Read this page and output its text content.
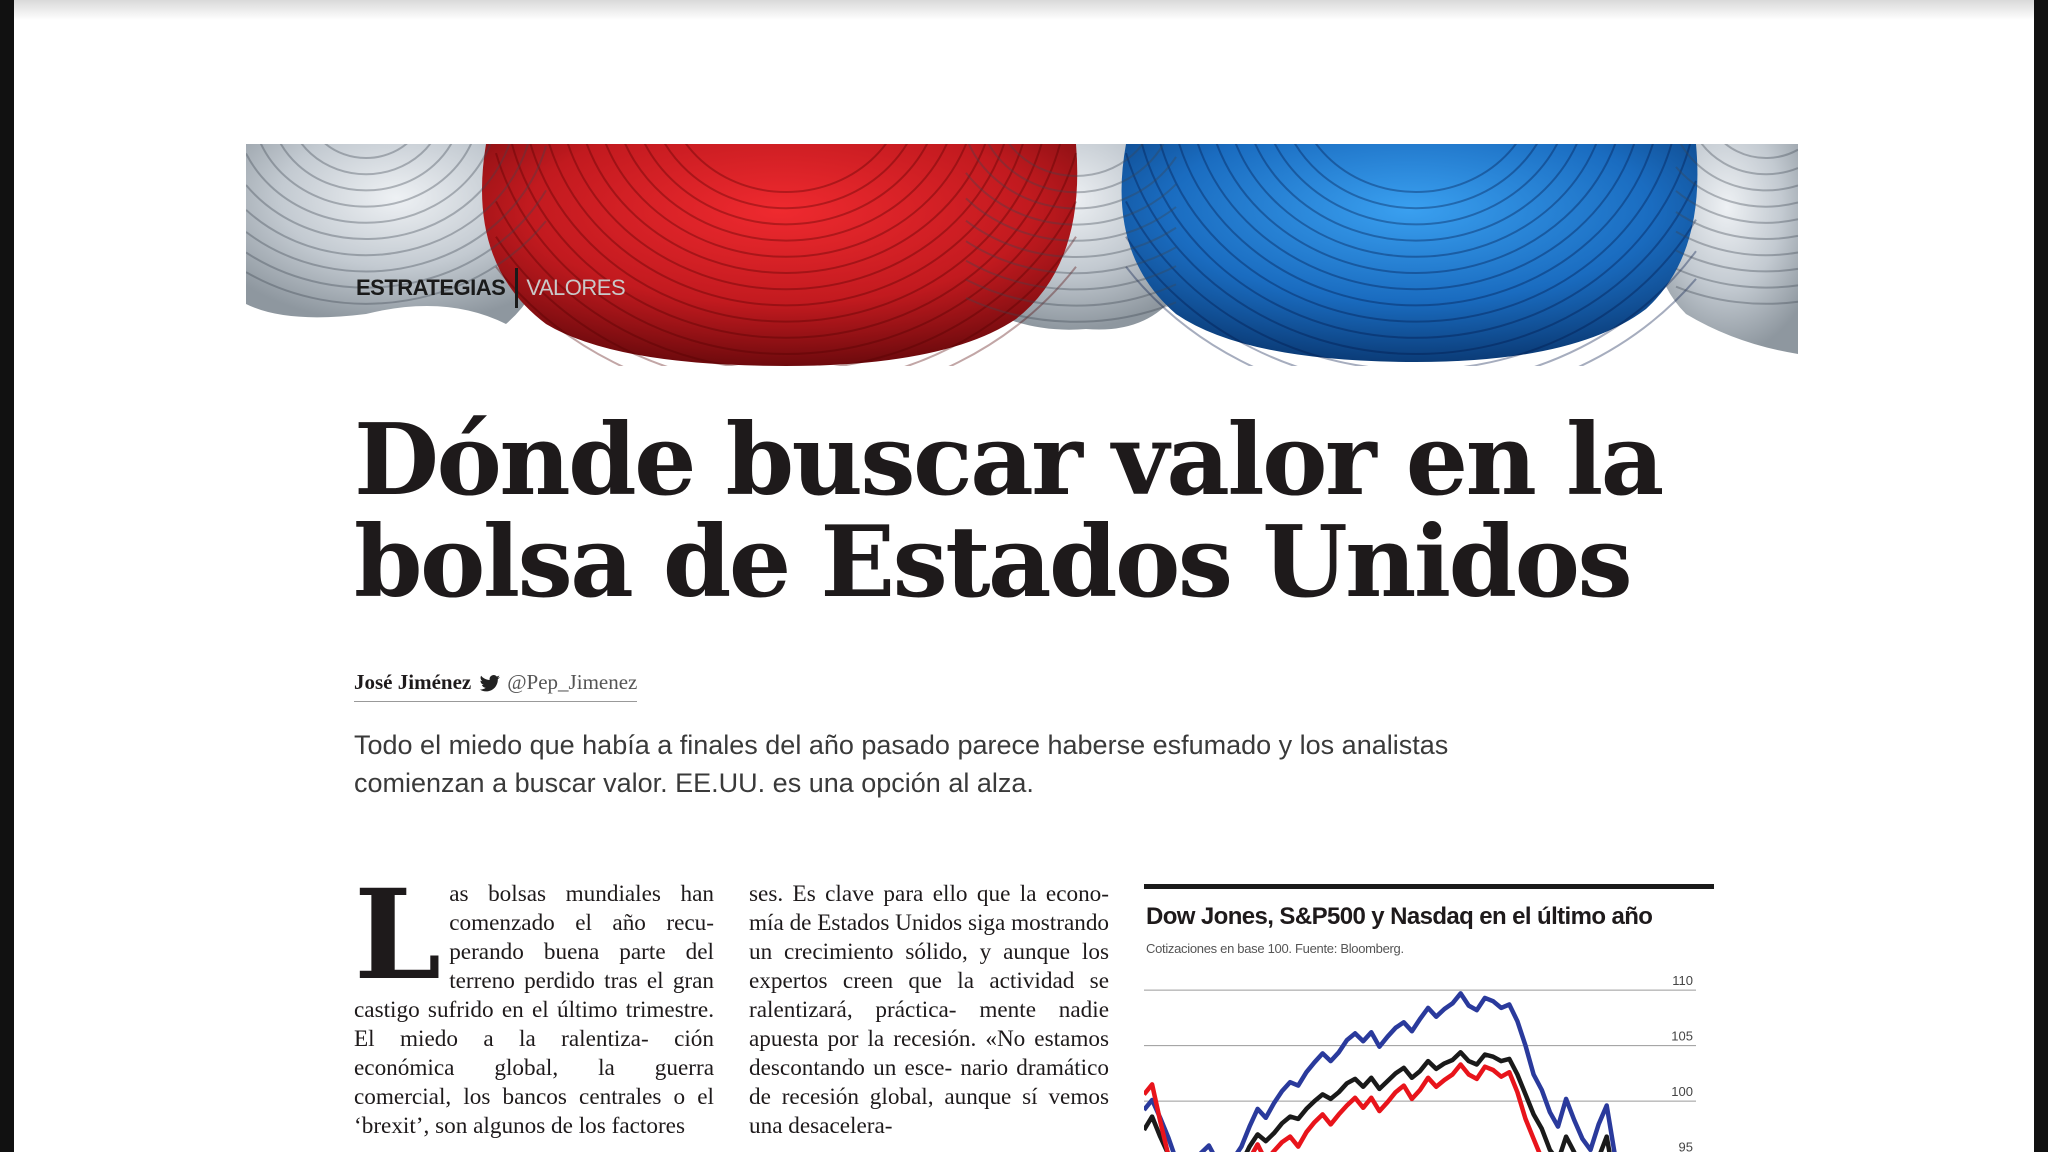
ESTRATEGIAS VALORES
Dónde buscar valor en la
bolsa de Estados Unidos
José Jiménez @Pep_Jimenez

Todo el miedo que había a finales del año pasado parece haberse esfumado y los analistas
comienzan a buscar valor. EE.UU. es una opción al alza.

L as bolsas mundiales han comenzado el año recu- perando buena parte del terreno perdido tras el gran castigo sufrido en el último trimestre. El miedo a la ralentiza- ción económica global, la guerra comercial, los bancos centrales o el ‘brexit’, son algunos de los factores

ses. Es clave para ello que la econo- mía de Estados Unidos siga mostrando un crecimiento sólido, y aunque los expertos creen que la actividad se ralentizará, práctica- mente nadie apuesta por la recesión. «No estamos descontando un esce- nario dramático de recesión global, aunque sí vemos una desacelera-

Dow Jones, S&P500 y Nasdaq en el último año
Cotizaciones en base 100. Fuente: Bloomberg.
110
105
100
95
